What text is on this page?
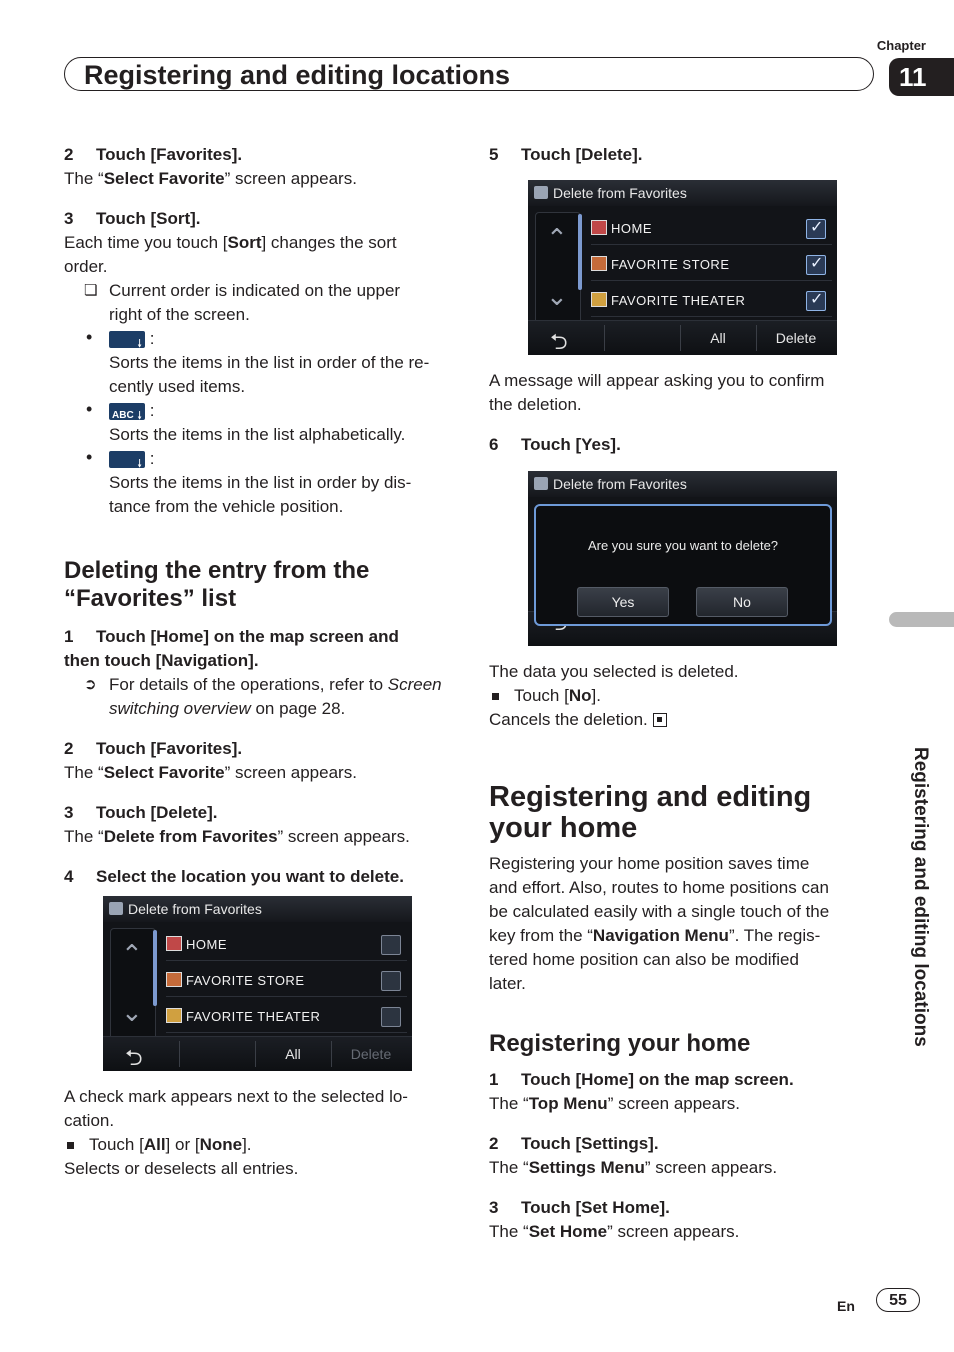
Chapter
11
Registering and editing locations
2 Touch [Favorites].
The “Select Favorite” screen appears.
3 Touch [Sort].
Each time you touch [Sort] changes the sort order.
❏ Current order is indicated on the upper
right of the screen.
•	🠗 :
Sorts the items in the list in order of the re-
cently used items.
• ABC 🠗 :
Sorts the items in the list alphabetically.
•	🠗 :
Sorts the items in the list in order by dis-
tance from the vehicle position.
Deleting the entry from the
“Favorites” list
1 Touch [Home] on the map screen and
then touch [Navigation].
➲ For details of the operations, refer to Screen
switching overview on page 28.
2 Touch [Favorites].
The “Select Favorite” screen appears.
3 Touch [Delete].
The “Delete from Favorites” screen appears.
4 Select the location you want to delete.
Delete from Favorites
⌃
⌄
HOME
FAVORITE STORE
FAVORITE THEATER
⮌	All	Delete
A check mark appears next to the selected lo-
cation.
Touch [All] or [None].
Selects or deselects all entries.
5 Touch [Delete].
Delete from Favorites
⌃
⌄
HOME
✓
FAVORITE STORE
✓
FAVORITE THEATER
✓
⮌	All	Delete
A message will appear asking you to confirm
the deletion.
6 Touch [Yes].
Delete from Favorites
Are you sure you want to delete?
Yes	No
The data you selected is deleted.
Touch [No].
Cancels the deletion.
Registering and editing
your home
Registering your home position saves time
and effort. Also, routes to home positions can
be calculated easily with a single touch of the
key from the “Navigation Menu”. The regis-
tered home position can also be modified
later.
Registering your home
1 Touch [Home] on the map screen.
The “Top Menu” screen appears.
2 Touch [Settings].
The “Settings Menu” screen appears.
3 Touch [Set Home].
The “Set Home” screen appears.
Registering and editing locations
En	55
